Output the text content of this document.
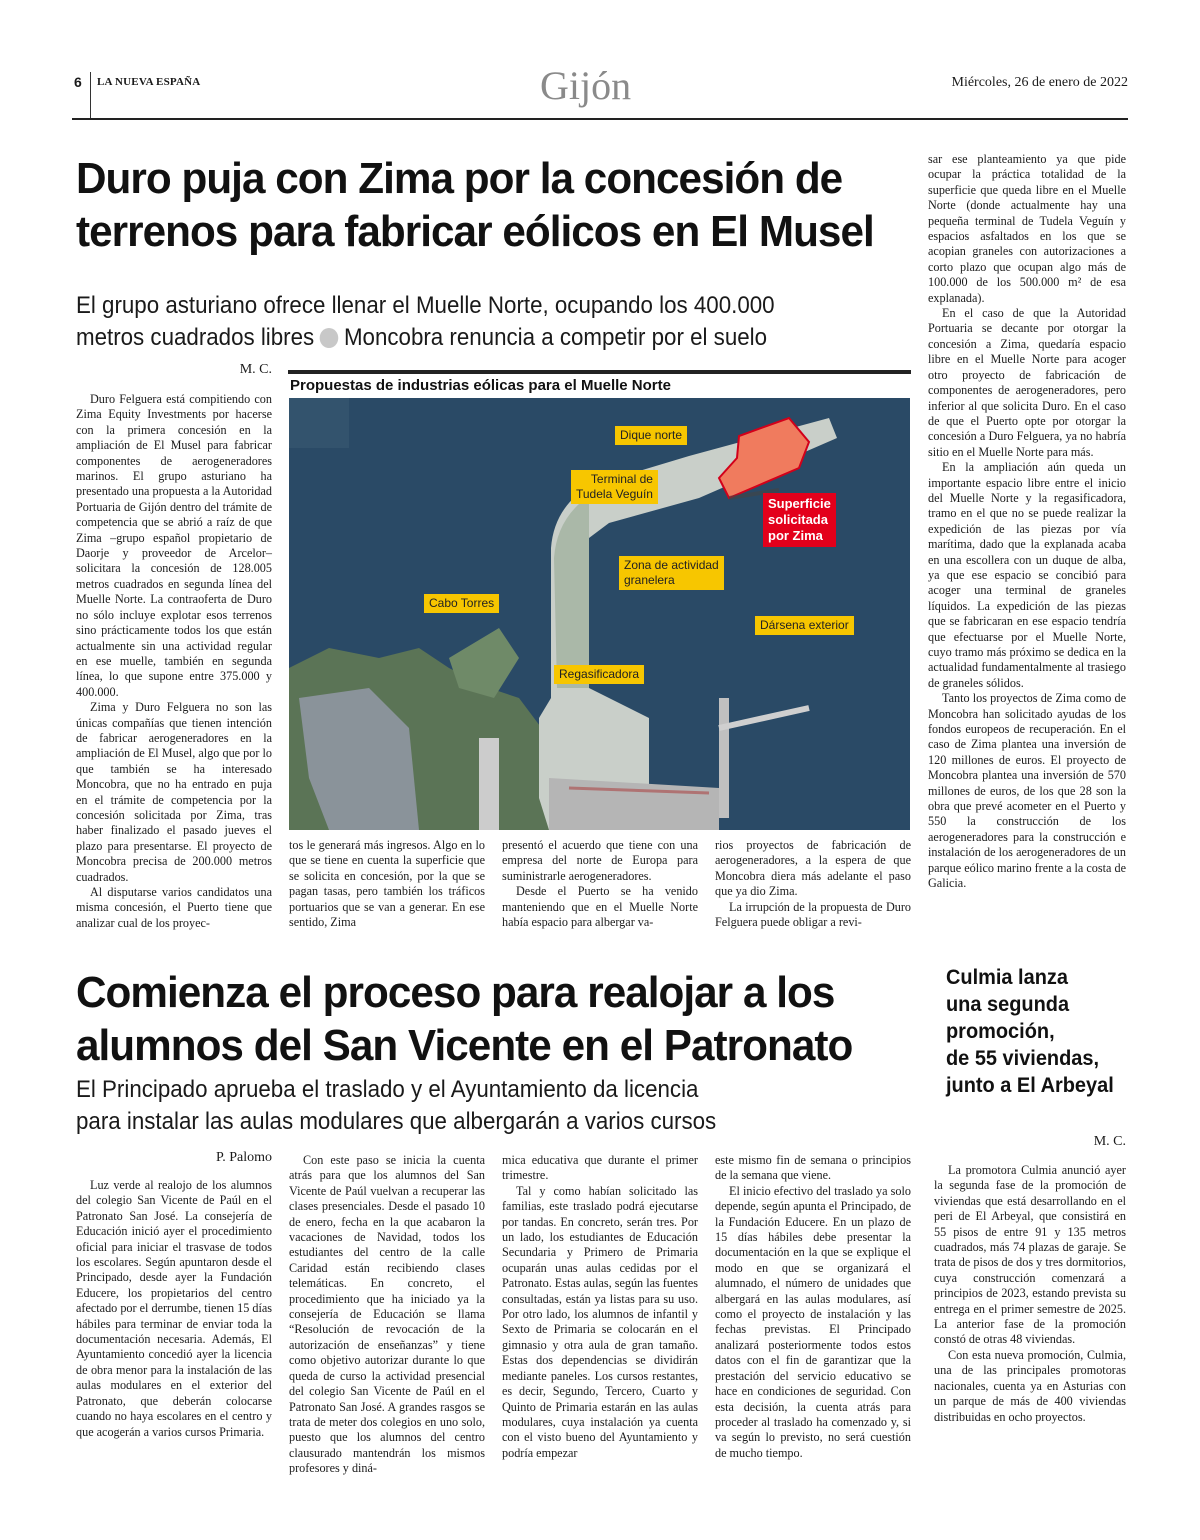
6 LA NUEVA ESPAÑA	Gijón	Miércoles, 26 de enero de 2022
Duro puja con Zima por la concesión de
terrenos para fabricar eólicos en El Musel
El grupo asturiano ofrece llenar el Muelle Norte, ocupando los 400.000
metros cuadrados libres Moncobra renuncia a competir por el suelo
M. C.

Duro Felguera está compitiendo con Zima Equity Investments por hacerse con la primera concesión en la ampliación de El Musel para fabricar componentes de aerogeneradores marinos. El grupo asturiano ha presentado una propuesta a la Autoridad Portuaria de Gijón dentro del trámite de competencia que se abrió a raíz de que Zima –grupo español propietario de Daorje y proveedor de Arcelor– solicitara la concesión de 128.005 metros cuadrados en segunda línea del Muelle Norte. La contraoferta de Duro no sólo incluye explotar esos terrenos sino prácticamente todos los que están actualmente sin una actividad regular en ese muelle, también en segunda línea, lo que supone entre 375.000 y 400.000.

Zima y Duro Felguera no son las únicas compañías que tienen intención de fabricar aerogeneradores en la ampliación de El Musel, algo que por lo que también se ha interesado Moncobra, que no ha entrado en puja en el trámite de competencia por la concesión solicitada por Zima, tras haber finalizado el pasado jueves el plazo para presentarse. El proyecto de Moncobra precisa de 200.000 metros cuadrados.

Al disputarse varios candidatos una misma concesión, el Puerto tiene que analizar cual de los proyec-

Propuestas de industrias eólicas para el Muelle Norte
Dique norte
Terminal de
Tudela Veguín
Zona de actividad
granelera
Cabo Torres
Dársena exterior
Regasificadora
Superficie
solicitada
por Zima

tos le generará más ingresos. Algo en lo que se tiene en cuenta la superficie que se solicita en concesión, por la que se pagan tasas, pero también los tráficos portuarios que se van a generar. En ese sentido, Zima

presentó el acuerdo que tiene con una empresa del norte de Europa para suministrarle aerogeneradores.

Desde el Puerto se ha venido manteniendo que en el Muelle Norte había espacio para albergar va-

rios proyectos de fabricación de aerogeneradores, a la espera de que Moncobra diera más adelante el paso que ya dio Zima.

La irrupción de la propuesta de Duro Felguera puede obligar a revi-

sar ese planteamiento ya que pide ocupar la práctica totalidad de la superficie que queda libre en el Muelle Norte (donde actualmente hay una pequeña terminal de Tudela Veguín y espacios asfaltados en los que se acopian graneles con autorizaciones a corto plazo que ocupan algo más de 100.000 de los 500.000 m² de esa explanada).

En el caso de que la Autoridad Portuaria se decante por otorgar la concesión a Zima, quedaría espacio libre en el Muelle Norte para acoger otro proyecto de fabricación de componentes de aerogeneradores, pero inferior al que solicita Duro. En el caso de que el Puerto opte por otorgar la concesión a Duro Felguera, ya no habría sitio en el Muelle Norte para más.

En la ampliación aún queda un importante espacio libre entre el inicio del Muelle Norte y la regasificadora, tramo en el que no se puede realizar la expedición de las piezas por vía marítima, dado que la explanada acaba en una escollera con un duque de alba, ya que ese espacio se concibió para acoger una terminal de graneles líquidos. La expedición de las piezas que se fabricaran en ese espacio tendría que efectuarse por el Muelle Norte, cuyo tramo más próximo se dedica en la actualidad fundamentalmente al trasiego de graneles sólidos.

Tanto los proyectos de Zima como de Moncobra han solicitado ayudas de los fondos europeos de recuperación. En el caso de Zima plantea una inversión de 120 millones de euros. El proyecto de Moncobra plantea una inversión de 570 millones de euros, de los que 28 son la obra que prevé acometer en el Puerto y 550 la construcción de los aerogeneradores para la construcción e instalación de los aerogeneradores de un parque eólico marino frente a la costa de Galicia.

Comienza el proceso para realojar a los
alumnos del San Vicente en el Patronato
El Principado aprueba el traslado y el Ayuntamiento da licencia
para instalar las aulas modulares que albergarán a varios cursos
P. Palomo

Luz verde al realojo de los alumnos del colegio San Vicente de Paúl en el Patronato San José. La consejería de Educación inició ayer el procedimiento oficial para iniciar el trasvase de todos los escolares. Según apuntaron desde el Principado, desde ayer la Fundación Educere, los propietarios del centro afectado por el derrumbe, tienen 15 días hábiles para terminar de enviar toda la documentación necesaria. Además, El Ayuntamiento concedió ayer la licencia de obra menor para la instalación de las aulas modulares en el exterior del Patronato, que deberán colocarse cuando no haya escolares en el centro y que acogerán a varios cursos Primaria.

Con este paso se inicia la cuenta atrás para que los alumnos del San Vicente de Paúl vuelvan a recuperar las clases presenciales. Desde el pasado 10 de enero, fecha en la que acabaron la vacaciones de Navidad, todos los estudiantes del centro de la calle Caridad están recibiendo clases telemáticas. En concreto, el procedimiento que ha iniciado ya la consejería de Educación se llama “Resolución de revocación de la autorización de enseñanzas” y tiene como objetivo autorizar durante lo que queda de curso la actividad presencial del colegio San Vicente de Paúl en el Patronato San José. A grandes rasgos se trata de meter dos colegios en uno solo, puesto que los alumnos del centro clausurado mantendrán los mismos profesores y diná-

mica educativa que durante el primer trimestre.

Tal y como habían solicitado las familias, este traslado podrá ejecutarse por tandas. En concreto, serán tres. Por un lado, los estudiantes de Educación Secundaria y Primero de Primaria ocuparán unas aulas cedidas por el Patronato. Estas aulas, según las fuentes consultadas, están ya listas para su uso. Por otro lado, los alumnos de infantil y Sexto de Primaria se colocarán en el gimnasio y otra aula de gran tamaño. Estas dos dependencias se dividirán mediante paneles. Los cursos restantes, es decir, Segundo, Tercero, Cuarto y Quinto de Primaria estarán en las aulas modulares, cuya instalación ya cuenta con el visto bueno del Ayuntamiento y podría empezar

este mismo fin de semana o principios de la semana que viene.

El inicio efectivo del traslado ya solo depende, según apunta el Principado, de la Fundación Educere. En un plazo de 15 días hábiles debe presentar la documentación en la que se explique el modo en que se organizará el alumnado, el número de unidades que albergará en las aulas modulares, así como el proyecto de instalación y las fechas previstas. El Principado analizará posteriormente todos estos datos con el fin de garantizar que la prestación del servicio educativo se hace en condiciones de seguridad. Con esta decisión, la cuenta atrás para proceder al traslado ha comenzado y, si va según lo previsto, no será cuestión de mucho tiempo.

Culmia lanza
una segunda
promoción,
de 55 viviendas,
junto a El Arbeyal
M. C.

La promotora Culmia anunció ayer la segunda fase de la promoción de viviendas que está desarrollando en el peri de El Arbeyal, que consistirá en 55 pisos de entre 91 y 135 metros cuadrados, más 74 plazas de garaje. Se trata de pisos de dos y tres dormitorios, cuya construcción comenzará a principios de 2023, estando prevista su entrega en el primer semestre de 2025. La anterior fase de la promoción constó de otras 48 viviendas.

Con esta nueva promoción, Culmia, una de las principales promotoras nacionales, cuenta ya en Asturias con un parque de más de 400 viviendas distribuidas en ocho proyectos.
